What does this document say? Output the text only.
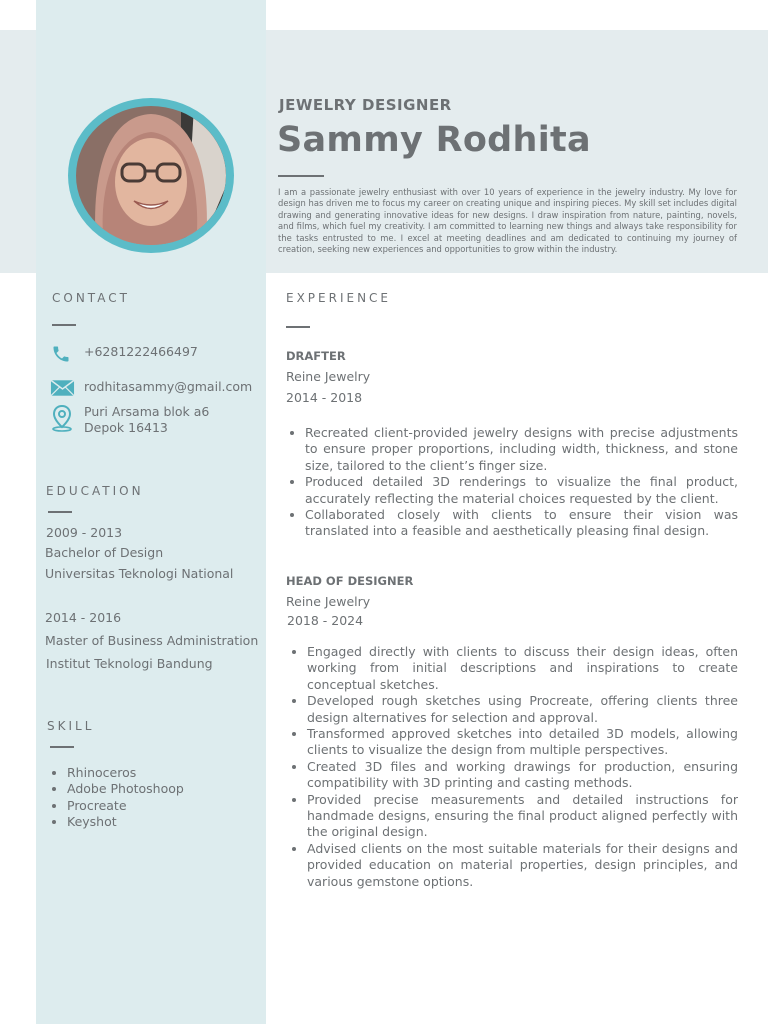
JEWELRY DESIGNER
Sammy Rodhita
I am a passionate jewelry enthusiast with over 10 years of experience in the jewelry industry. My love for design has driven me to focus my career on creating unique and inspiring pieces. My skill set includes digital drawing and generating innovative ideas for new designs. I draw inspiration from nature, painting, novels, and films, which fuel my creativity. I am committed to learning new things and always take responsibility for the tasks entrusted to me. I excel at meeting deadlines and am dedicated to continuing my journey of creation, seeking new experiences and opportunities to grow within the industry.
CONTACT
+6281222466497
rodhitasammy@gmail.com
Puri Arsama blok a6
Depok 16413
EDUCATION
2009 - 2013
Bachelor of Design
Universitas Teknologi National
2014 - 2016
Master of Business Administration
Institut Teknologi Bandung
SKILL
• Rhinoceros
• Adobe Photoshoop
• Procreate
• Keyshot
EXPERIENCE
DRAFTER
Reine Jewelry
2014 - 2018
• Recreated client-provided jewelry designs with precise adjustments to ensure proper proportions, including width, thickness, and stone size, tailored to the client’s finger size.
• Produced detailed 3D renderings to visualize the final product, accurately reflecting the material choices requested by the client.
• Collaborated closely with clients to ensure their vision was translated into a feasible and aesthetically pleasing final design.
HEAD OF DESIGNER
Reine Jewelry
2018 - 2024
• Engaged directly with clients to discuss their design ideas, often working from initial descriptions and inspirations to create conceptual sketches.
• Developed rough sketches using Procreate, offering clients three design alternatives for selection and approval.
• Transformed approved sketches into detailed 3D models, allowing clients to visualize the design from multiple perspectives.
• Created 3D files and working drawings for production, ensuring compatibility with 3D printing and casting methods.
• Provided precise measurements and detailed instructions for handmade designs, ensuring the final product aligned perfectly with the original design.
• Advised clients on the most suitable materials for their designs and provided education on material properties, design principles, and various gemstone options.
